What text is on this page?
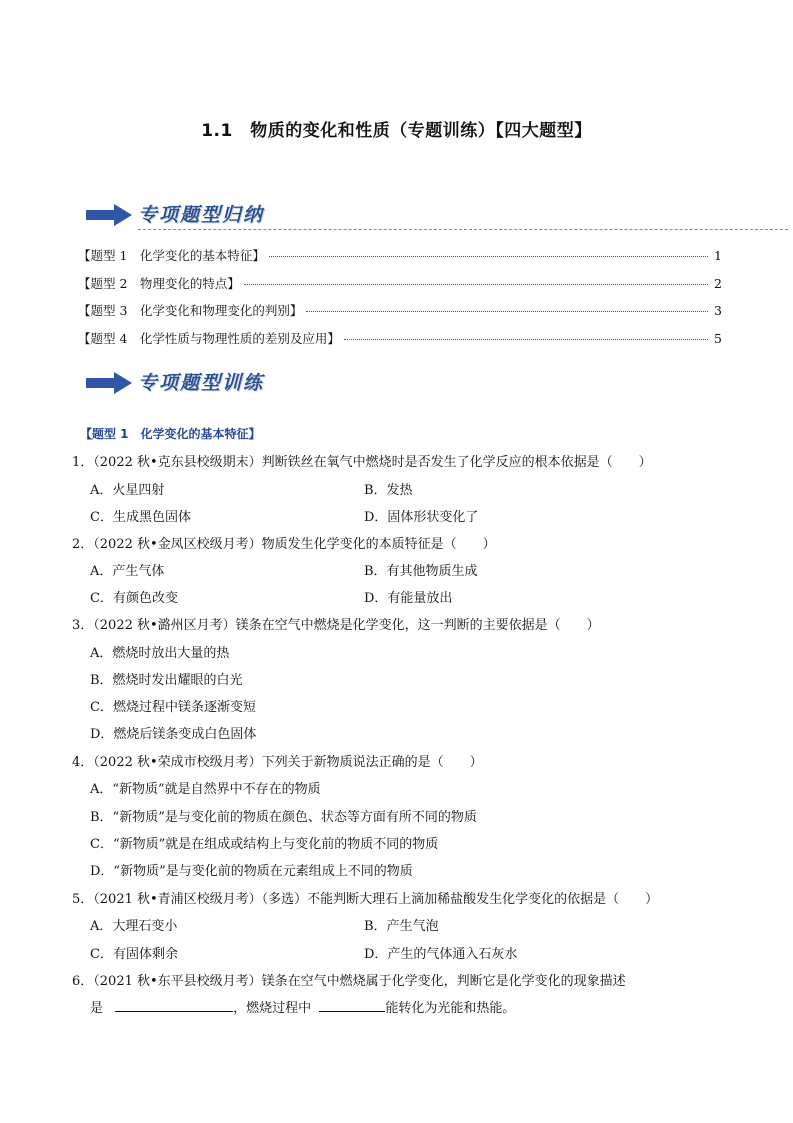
1.1　物质的变化和性质（专题训练）【四大题型】
专项题型归纳
【题型 1　化学变化的基本特征】	1
【题型 2　物理变化的特点】	2
【题型 3　化学变化和物理变化的判别】	3
【题型 4　化学性质与物理性质的差别及应用】	5
专项题型训练
【题型 1　化学变化的基本特征】
1．（2022 秋•克东县校级期末）判断铁丝在氧气中燃烧时是否发生了化学反应的根本依据是（　　）
A．火星四射	B．发热
C．生成黑色固体	D．固体形状变化了
2．（2022 秋•金凤区校级月考）物质发生化学变化的本质特征是（　　）
A．产生气体	B．有其他物质生成
C．有颜色改变	D．有能量放出
3．（2022 秋•潞州区月考）镁条在空气中燃烧是化学变化，这一判断的主要依据是（　　）
A．燃烧时放出大量的热
B．燃烧时发出耀眼的白光
C．燃烧过程中镁条逐渐变短
D．燃烧后镁条变成白色固体
4．（2022 秋•荣成市校级月考）下列关于新物质说法正确的是（　　）
A．“新物质”就是自然界中不存在的物质
B．“新物质”是与变化前的物质在颜色、状态等方面有所不同的物质
C．“新物质”就是在组成或结构上与变化前的物质不同的物质
D．“新物质”是与变化前的物质在元素组成上不同的物质
5．（2021 秋•青浦区校级月考）（多选）不能判断大理石上滴加稀盐酸发生化学变化的依据是（　　）
A．大理石变小	B．产生气泡
C．有固体剩余	D．产生的气体通入石灰水
6．（2021 秋•东平县校级月考）镁条在空气中燃烧属于化学变化，判断它是化学变化的现象描述
是	，燃烧过程中	能转化为光能和热能。
